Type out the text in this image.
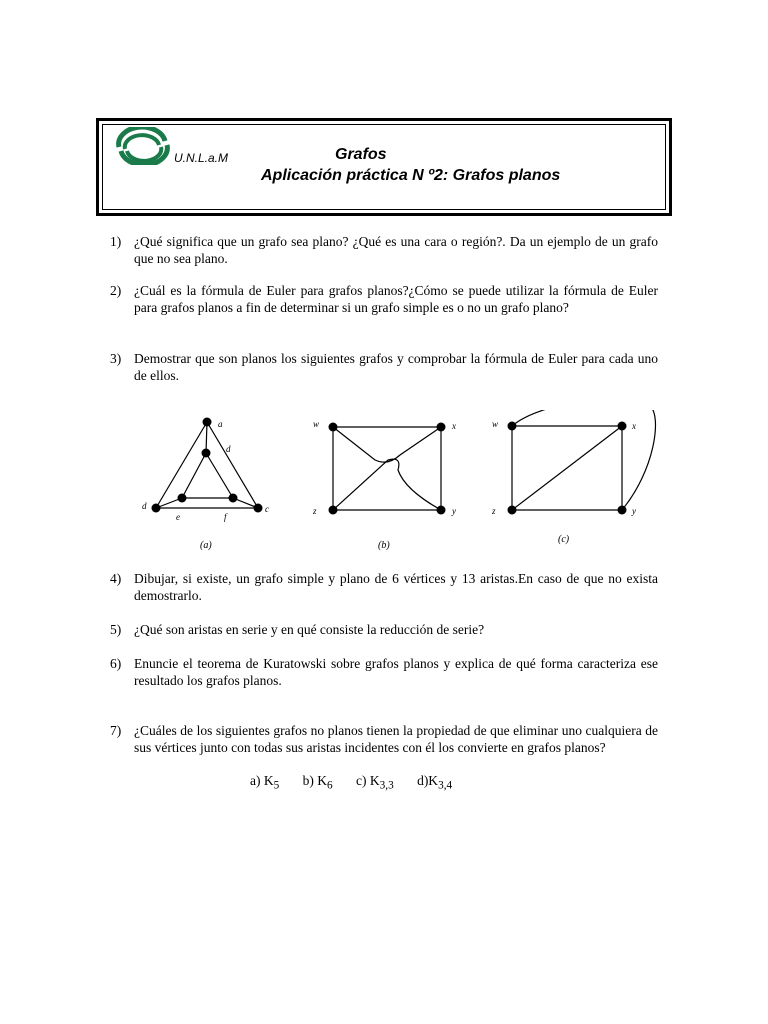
U.N.L.a.M	Grafos
Aplicación práctica N º2: Grafos planos
1) ¿Qué significa que un grafo sea plano? ¿Qué es una cara o región?. Da un ejemplo de un grafo que no sea plano.
2) ¿Cuál es la fórmula de Euler para grafos planos?¿Cómo se puede utilizar la fórmula de Euler para grafos planos a fin de determinar si un grafo simple es o no un grafo plano?
3) Demostrar que son planos los siguientes grafos y comprobar la fórmula de Euler para cada uno de ellos.
a
d
d	c
e	f
(a)
w	x
z	y
(b)
w	x
z	y
(c)
4) Dibujar, si existe, un grafo simple y plano de 6 vértices y 13 aristas.En caso de que no exista demostrarlo.
5) ¿Qué son aristas en serie y en qué consiste la reducción de serie?
6) Enuncie el teorema de Kuratowski sobre grafos planos y explica de qué forma caracteriza ese resultado los grafos planos.
7) ¿Cuáles de los siguientes grafos no planos tienen la propiedad de que eliminar uno cualquiera de sus vértices junto con todas sus aristas incidentes con él los convierte en grafos planos?
a) $K_5$ b) $K_6$ c) $K_{3,3}$ $d)K_{3,4}$
